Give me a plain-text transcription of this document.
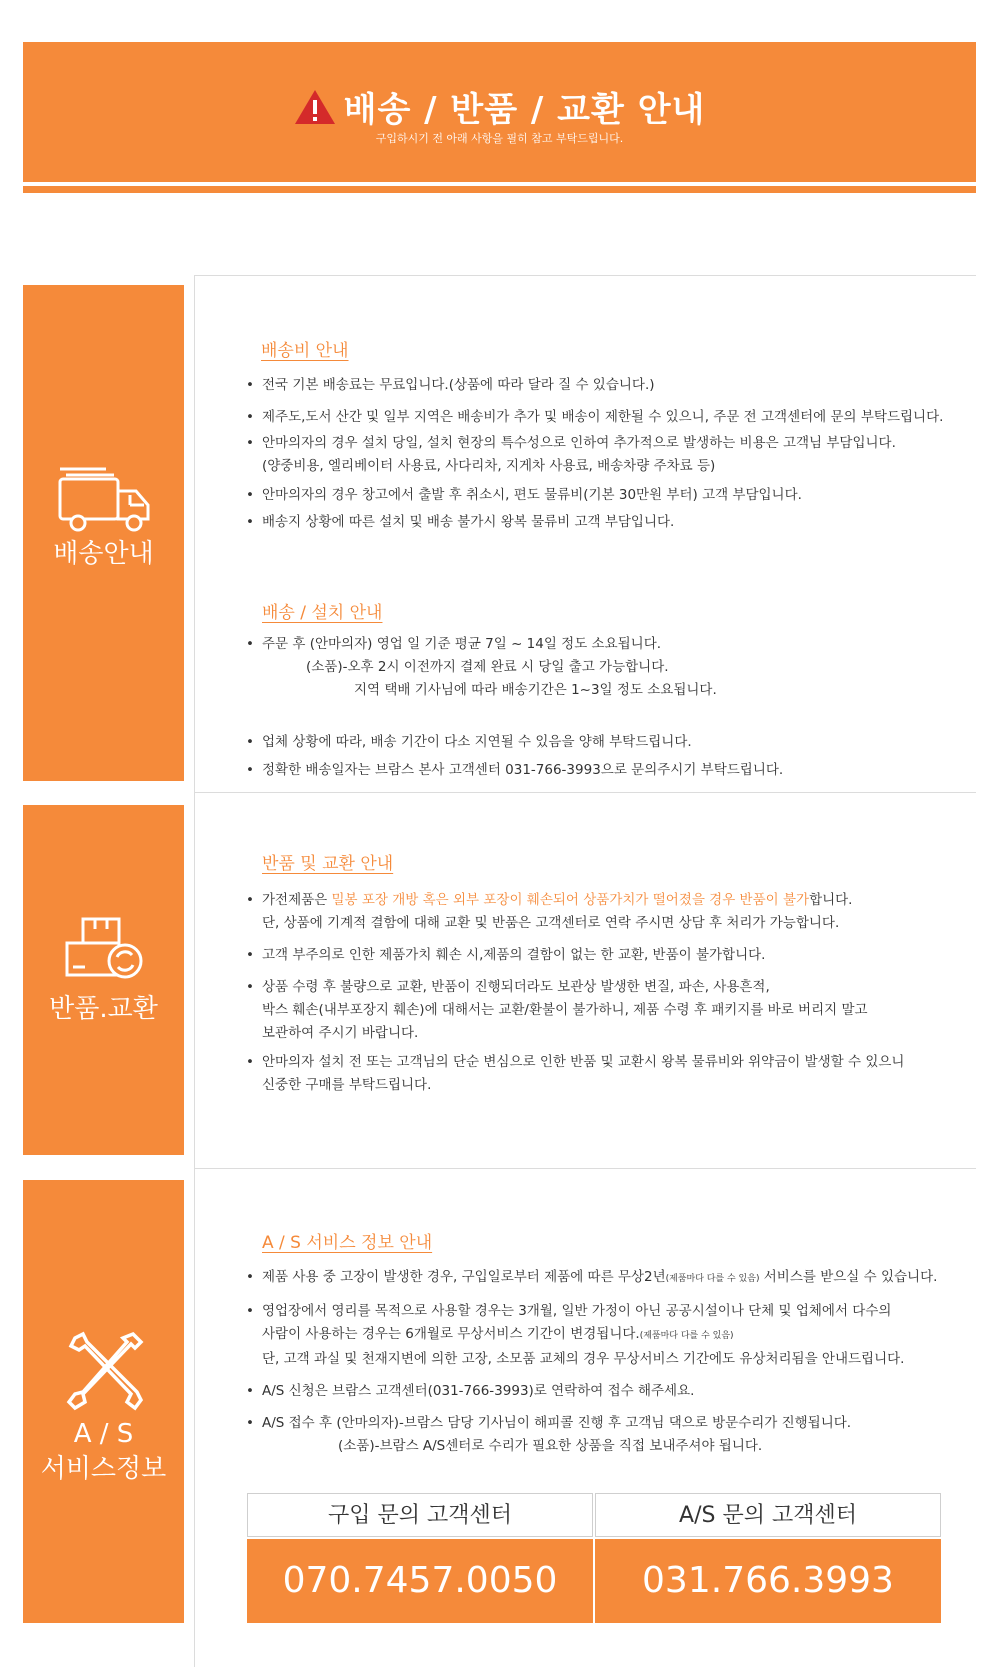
배송 / 반품 / 교환 안내
구입하시기 전 아래 사항을 필히 참고 부탁드립니다.
배송안내
배송비 안내
• 전국 기본 배송료는 무료입니다.(상품에 따라 달라 질 수 있습니다.)
• 제주도,도서 산간 및 일부 지역은 배송비가 추가 및 배송이 제한될 수 있으니, 주문 전 고객센터에 문의 부탁드립니다.
• 안마의자의 경우 설치 당일, 설치 현장의 특수성으로 인하여 추가적으로 발생하는 비용은 고객님 부담입니다.
(양중비용, 엘리베이터 사용료, 사다리차, 지게차 사용료, 배송차량 주차료 등)
• 안마의자의 경우 창고에서 출발 후 취소시, 편도 물류비(기본 30만원 부터) 고객 부담입니다.
• 배송지 상황에 따른 설치 및 배송 불가시 왕복 물류비 고객 부담입니다.
배송 / 설치 안내
• 주문 후 (안마의자) 영업 일 기준 평균 7일 ~ 14일 정도 소요됩니다.
(소품)-오후 2시 이전까지 결제 완료 시 당일 출고 가능합니다.
지역 택배 기사님에 따라 배송기간은 1~3일 정도 소요됩니다.
• 업체 상황에 따라, 배송 기간이 다소 지연될 수 있음을 양해 부탁드립니다.
• 정확한 배송일자는 브람스 본사 고객센터 031-766-3993으로 문의주시기 부탁드립니다.
반품.교환
반품 및 교환 안내
• 가전제품은 밀봉 포장 개방 혹은 외부 포장이 훼손되어 상품가치가 떨어졌을 경우 반품이 불가합니다.
단, 상품에 기계적 결함에 대해 교환 및 반품은 고객센터로 연락 주시면 상담 후 처리가 가능합니다.
• 고객 부주의로 인한 제품가치 훼손 시,제품의 결함이 없는 한 교환, 반품이 불가합니다.
• 상품 수령 후 불량으로 교환, 반품이 진행되더라도 보관상 발생한 변질, 파손, 사용흔적,
박스 훼손(내부포장지 훼손)에 대해서는 교환/환불이 불가하니, 제품 수령 후 패키지를 바로 버리지 말고
보관하여 주시기 바랍니다.
• 안마의자 설치 전 또는 고객님의 단순 변심으로 인한 반품 및 교환시 왕복 물류비와 위약금이 발생할 수 있으니
신중한 구매를 부탁드립니다.
A / S
서비스정보
A / S 서비스 정보 안내
• 제품 사용 중 고장이 발생한 경우, 구입일로부터 제품에 따른 무상2년(제품마다 다를 수 있음) 서비스를 받으실 수 있습니다.
• 영업장에서 영리를 목적으로 사용할 경우는 3개월, 일반 가정이 아닌 공공시설이나 단체 및 업체에서 다수의
사람이 사용하는 경우는 6개월로 무상서비스 기간이 변경됩니다.(제품마다 다를 수 있음)
단, 고객 과실 및 천재지변에 의한 고장, 소모품 교체의 경우 무상서비스 기간에도 유상처리됨을 안내드립니다.
• A/S 신청은 브람스 고객센터(031-766-3993)로 연락하여 접수 해주세요.
• A/S 접수 후 (안마의자)-브람스 담당 기사님이 해피콜 진행 후 고객님 댁으로 방문수리가 진행됩니다.
(소품)-브람스 A/S센터로 수리가 필요한 상품을 직접 보내주셔야 됩니다.
구입 문의 고객센터
070.7457.0050
A/S 문의 고객센터
031.766.3993
